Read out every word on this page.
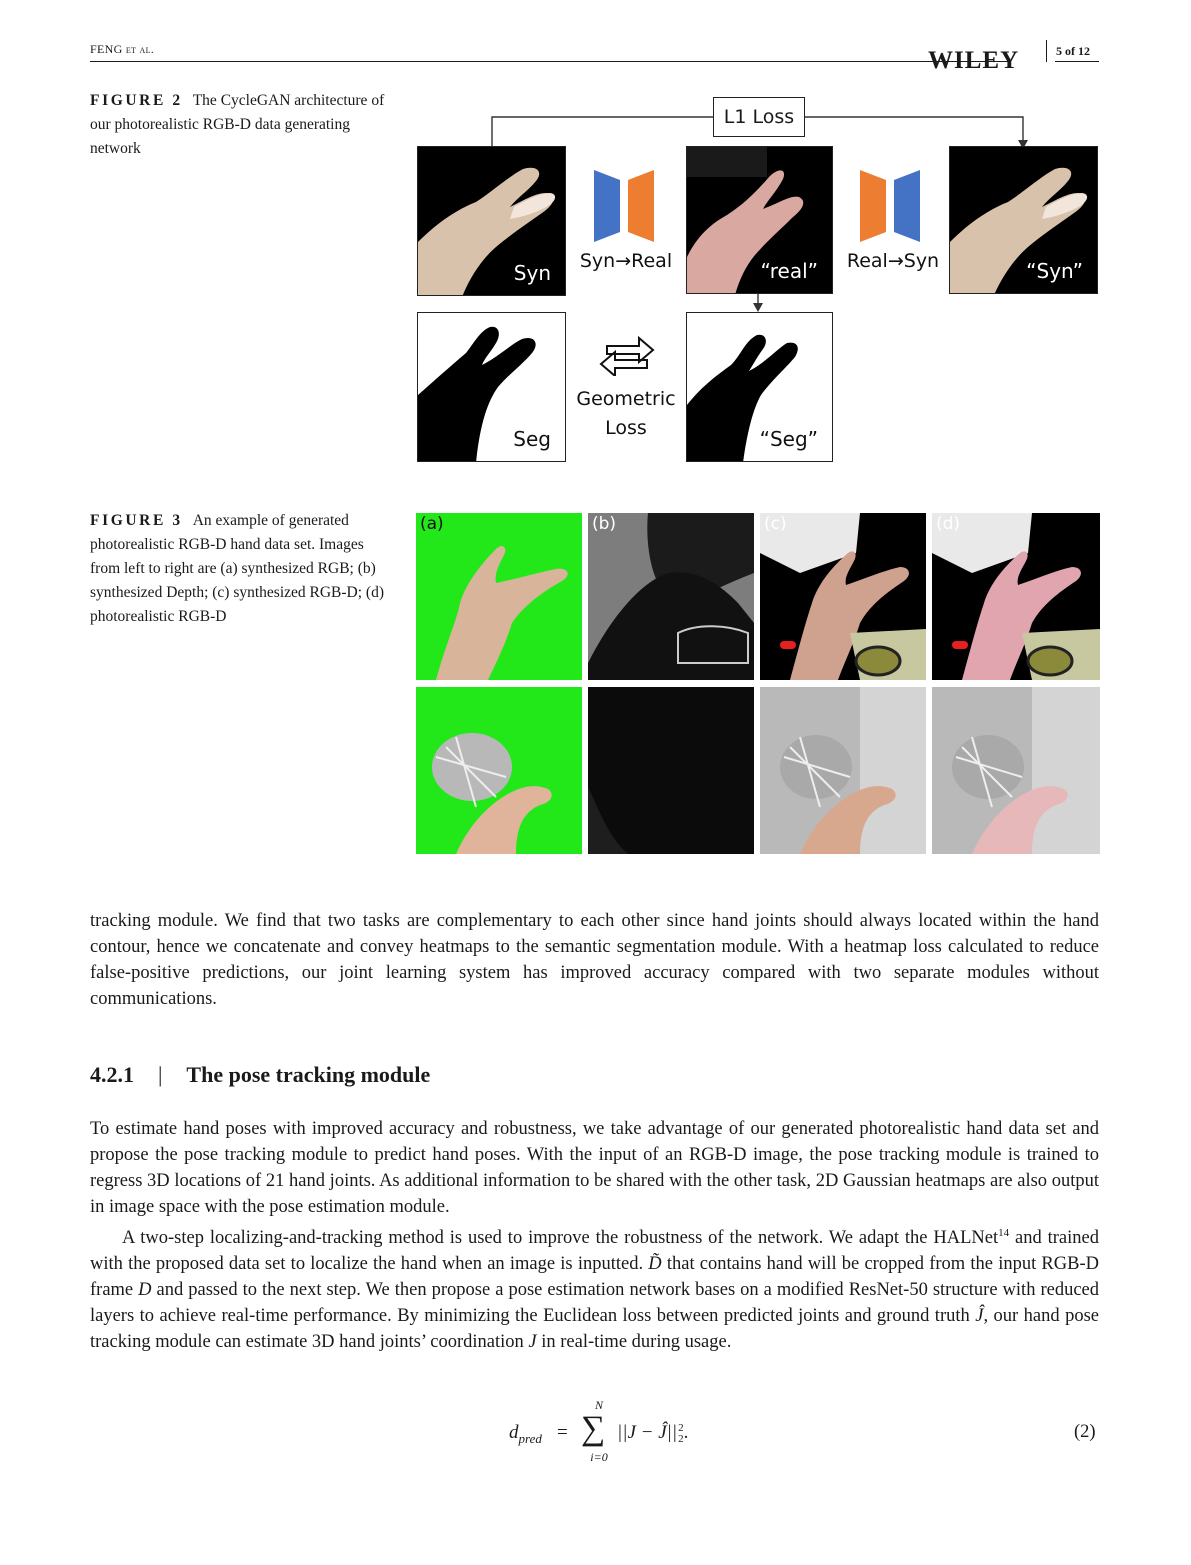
FENG et al.	WILEY	5 of 12
FIGURE 2 The CycleGAN architecture of our photorealistic RGB-D data generating network
L1 Loss
Syn	Syn→Real	“real”	Real→Syn	“Syn”
Seg
Geometric
Loss	“Seg”
FIGURE 3 An example of generated photorealistic RGB-D hand data set. Images from left to right are (a) synthesized RGB; (b) synthesized Depth; (c) synthesized RGB-D; (d) photorealistic RGB-D
(a)	(b)	(c)	(d)
tracking module. We find that two tasks are complementary to each other since hand joints should always located within the hand contour, hence we concatenate and convey heatmaps to the semantic segmentation module. With a heatmap loss calculated to reduce false-positive predictions, our joint learning system has improved accuracy compared with two separate modules without communications.
4.2.1 | The pose tracking module
To estimate hand poses with improved accuracy and robustness, we take advantage of our generated photorealistic hand data set and propose the pose tracking module to predict hand poses. With the input of an RGB-D image, the pose tracking module is trained to regress 3D locations of 21 hand joints. As additional information to be shared with the other task, 2D Gaussian heatmaps are also output in image space with the pose estimation module.
A two-step localizing-and-tracking method is used to improve the robustness of the network. We adapt the HALNet$^{14}$ and trained with the proposed data set to localize the hand when an image is inputted. D̃ that contains hand will be cropped from the input RGB-D frame D and passed to the next step. We then propose a pose estimation network bases on a modified ResNet-50 structure with reduced layers to achieve real-time performance. By minimizing the Euclidean loss between predicted joints and ground truth Ĵ, our hand pose tracking module can estimate 3D hand joints’ coordination J in real-time during usage.
$d_{pred}$ =
N
∑
i=0
||J − Ĵ|| 2
2 .	(2)
